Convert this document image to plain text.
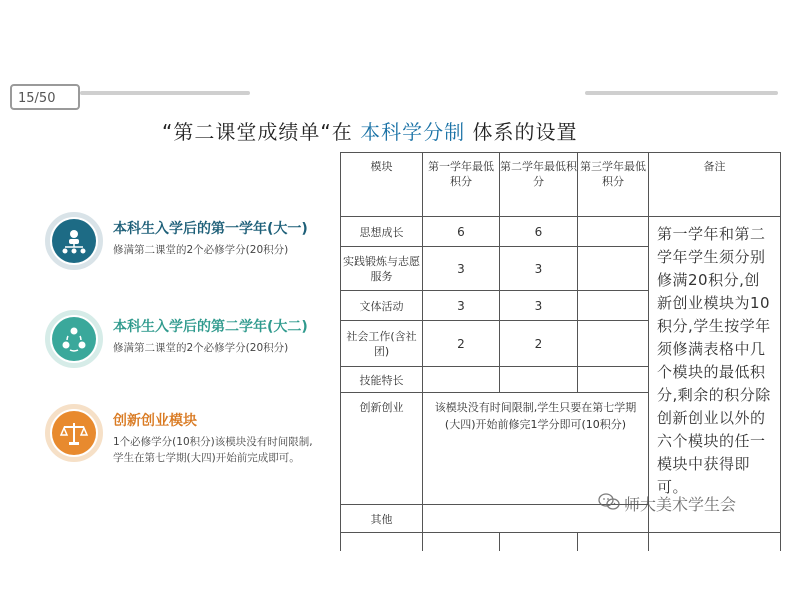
15/50
“第二课堂成绩单“在 本科学分制 体系的设置
本科生入学后的第一学年(大一)
修满第二课堂的2个必修学分(20积分)
本科生入学后的第二学年(大二)
修满第二课堂的2个必修学分(20积分)
创新创业模块
1个必修学分(10积分)该模块没有时间限制,学生在第七学期(大四)开始前完成即可。
模块	第一学年最低积分	第二学年最低积分	第三学年最低积分	备注
思想成长	6	6		第一学年和第二学年学生须分别修满20积分,创新创业模块为10积分,学生按学年须修满表格中几个模块的最低积分,剩余的积分除创新创业以外的六个模块的任一模块中获得即可。
实践锻炼与志愿服务	3	3		
文体活动	3	3		
社会工作(含社团)	2	2		
技能特长				
创新创业	该模块没有时间限制,学生只要在第七学期(大四)开始前修完1学分即可(10积分)			
其他				

师大美术学生会
